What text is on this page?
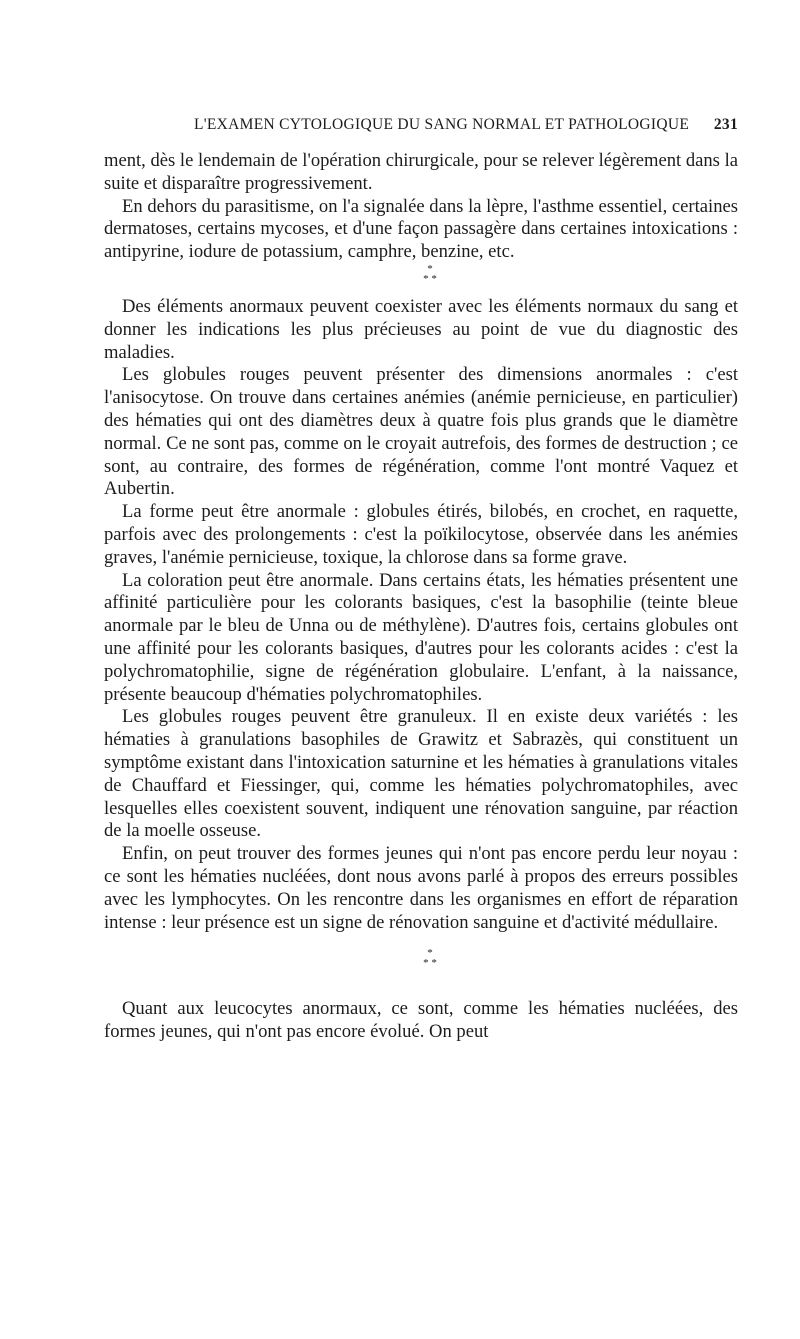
L'EXAMEN CYTOLOGIQUE DU SANG NORMAL ET PATHOLOGIQUE 231

ment, dès le lendemain de l'opération chirurgicale, pour se relever légèrement dans la suite et disparaître progressivement.

En dehors du parasitisme, on l'a signalée dans la lèpre, l'asthme essentiel, certaines dermatoses, certains mycoses, et d'une façon passagère dans certaines intoxications : antipyrine, iodure de potassium, camphre, benzine, etc.

*
* *

Des éléments anormaux peuvent coexister avec les éléments normaux du sang et donner les indications les plus précieuses au point de vue du diagnostic des maladies.

Les globules rouges peuvent présenter des dimensions anormales : c'est l'anisocytose. On trouve dans certaines anémies (anémie pernicieuse, en particulier) des hématies qui ont des diamètres deux à quatre fois plus grands que le diamètre normal. Ce ne sont pas, comme on le croyait autrefois, des formes de destruction ; ce sont, au contraire, des formes de régénération, comme l'ont montré Vaquez et Aubertin.

La forme peut être anormale : globules étirés, bilobés, en crochet, en raquette, parfois avec des prolongements : c'est la poïkilocytose, observée dans les anémies graves, l'anémie pernicieuse, toxique, la chlorose dans sa forme grave.

La coloration peut être anormale. Dans certains états, les hématies présentent une affinité particulière pour les colorants basiques, c'est la basophilie (teinte bleue anormale par le bleu de Unna ou de méthylène). D'autres fois, certains globules ont une affinité pour les colorants basiques, d'autres pour les colorants acides : c'est la polychromatophilie, signe de régénération globulaire. L'enfant, à la naissance, présente beaucoup d'hématies polychromatophiles.

Les globules rouges peuvent être granuleux. Il en existe deux variétés : les hématies à granulations basophiles de Grawitz et Sabrazès, qui constituent un symptôme existant dans l'intoxication saturnine et les hématies à granulations vitales de Chauffard et Fiessinger, qui, comme les hématies polychromatophiles, avec lesquelles elles coexistent souvent, indiquent une rénovation sanguine, par réaction de la moelle osseuse.

Enfin, on peut trouver des formes jeunes qui n'ont pas encore perdu leur noyau : ce sont les hématies nucléées, dont nous avons parlé à propos des erreurs possibles avec les lymphocytes. On les rencontre dans les organismes en effort de réparation intense : leur présence est un signe de rénovation sanguine et d'activité médullaire.

*
* *

Quant aux leucocytes anormaux, ce sont, comme les hématies nucléées, des formes jeunes, qui n'ont pas encore évolué. On peut
